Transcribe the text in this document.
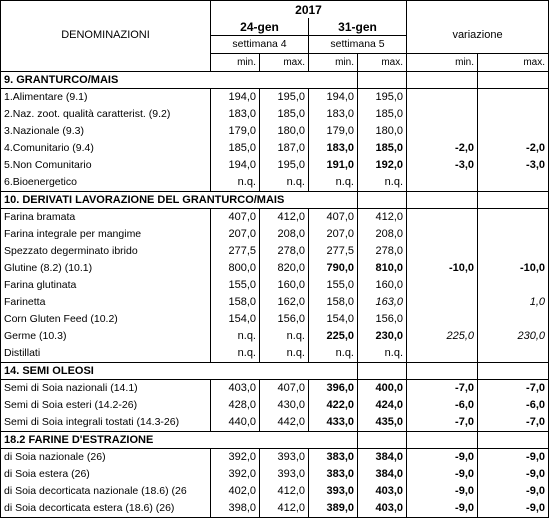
	2017					
DENOMINAZIONI	24-gen		31-gen		variazione	
	settimana 4		settimana 5			
	min.	max.	min.	max.	min.	max.
9. GRANTURCO/MAIS						
1.Alimentare (9.1)	194,0	195,0	194,0	195,0		
2.Naz. zoot. qualità caratterist. (9.2)	183,0	185,0	183,0	185,0		
3.Nazionale (9.3)	179,0	180,0	179,0	180,0		
4.Comunitario (9.4)	185,0	187,0	183,0	185,0	-2,0	-2,0
5.Non Comunitario	194,0	195,0	191,0	192,0	-3,0	-3,0
6.Bioenergetico	n.q.	n.q.	n.q.	n.q.		
10. DERIVATI LAVORAZIONE DEL GRANTURCO/MAIS						
Farina bramata	407,0	412,0	407,0	412,0		
Farina integrale per mangime	207,0	208,0	207,0	208,0		
Spezzato degerminato ibrido	277,5	278,0	277,5	278,0		
Glutine (8.2) (10.1)	800,0	820,0	790,0	810,0	-10,0	-10,0
Farina glutinata	155,0	160,0	155,0	160,0		
Farinetta	158,0	162,0	158,0	163,0		1,0
Corn Gluten Feed (10.2)	154,0	156,0	154,0	156,0		
Germe (10.3)	n.q.	n.q.	225,0	230,0	225,0	230,0
Distillati	n.q.	n.q.	n.q.	n.q.		
14. SEMI OLEOSI						
Semi di Soia nazionali (14.1)	403,0	407,0	396,0	400,0	-7,0	-7,0
Semi di Soia esteri (14.2-26)	428,0	430,0	422,0	424,0	-6,0	-6,0
Semi di Soia integrali tostati (14.3-26)	440,0	442,0	433,0	435,0	-7,0	-7,0
18.2 FARINE D'ESTRAZIONE						
di Soia nazionale (26)	392,0	393,0	383,0	384,0	-9,0	-9,0
di Soia estera (26)	392,0	393,0	383,0	384,0	-9,0	-9,0
di Soia decorticata nazionale (18.6) (26	402,0	412,0	393,0	403,0	-9,0	-9,0
di Soia decorticata estera (18.6) (26)	398,0	412,0	389,0	403,0	-9,0	-9,0
